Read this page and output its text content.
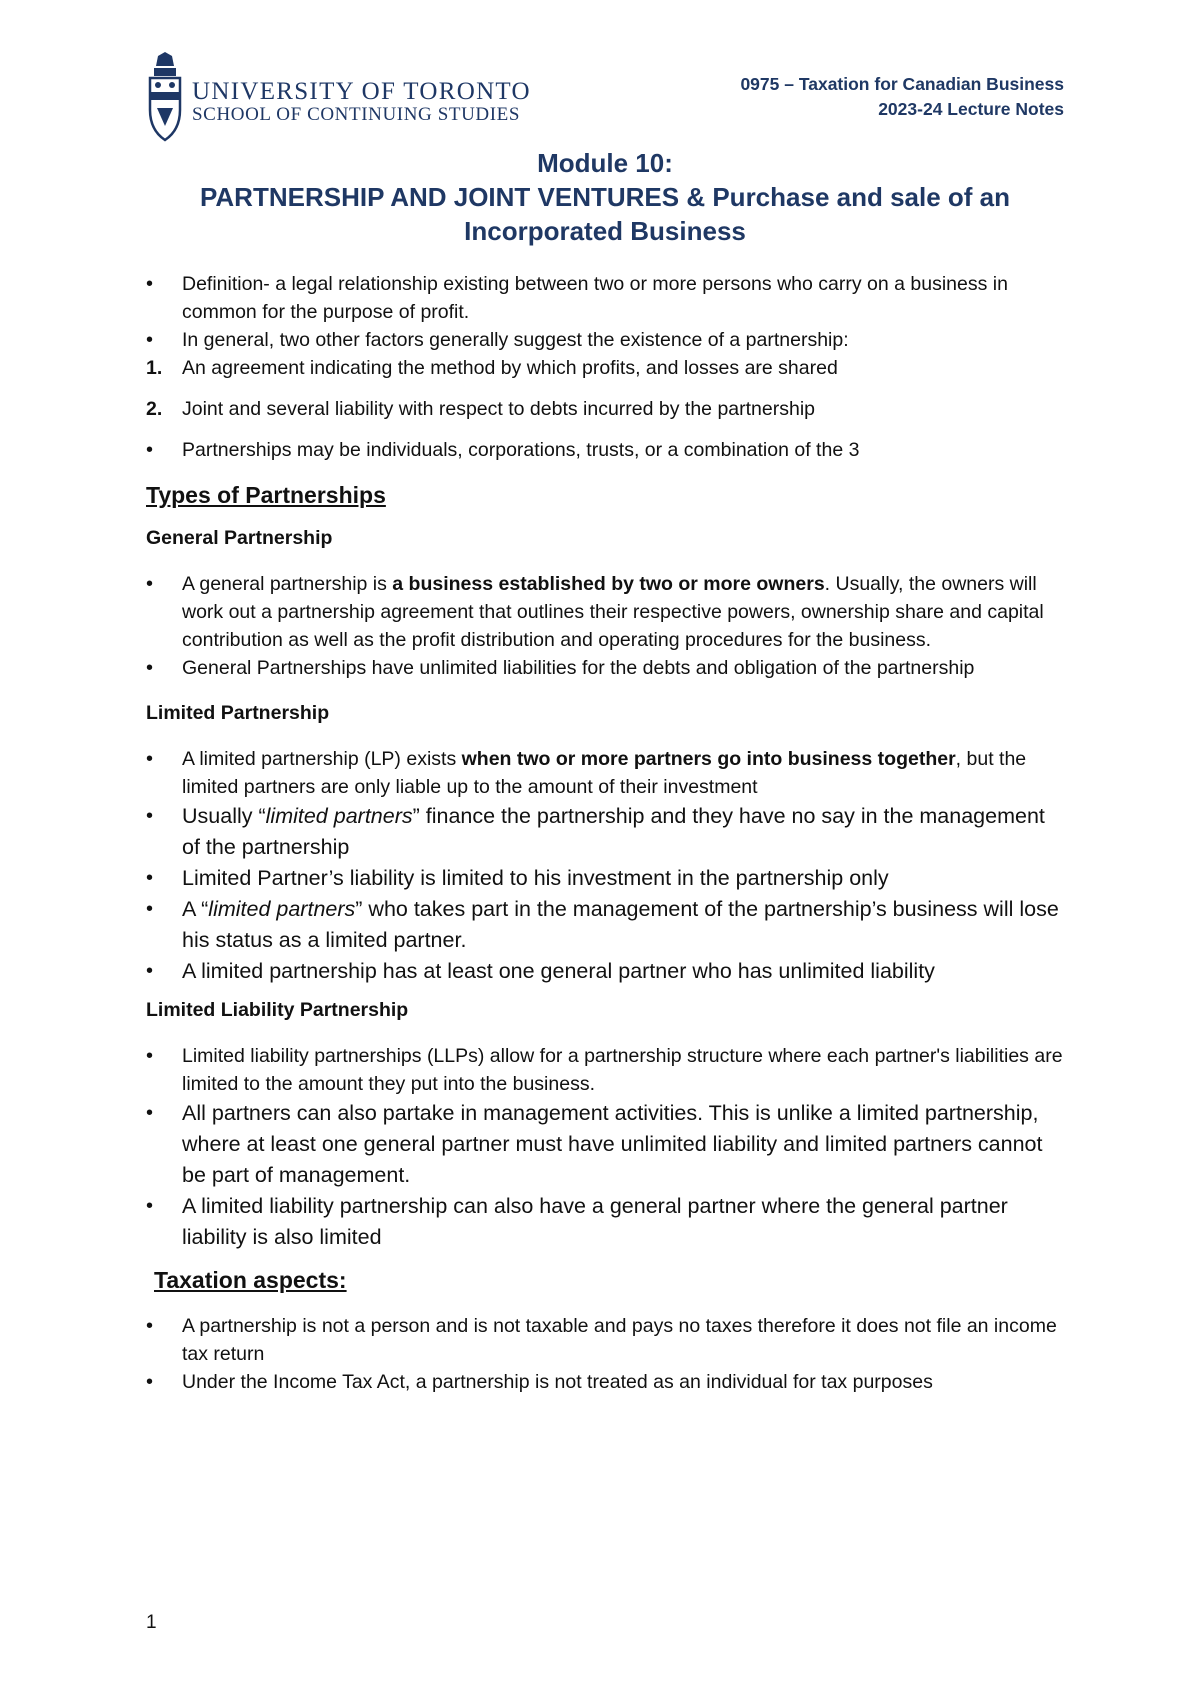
UNIVERSITY OF TORONTO
SCHOOL OF CONTINUING STUDIES
0975 – Taxation for Canadian Business
2023-24 Lecture Notes
Module 10:
PARTNERSHIP AND JOINT VENTURES & Purchase and sale of an
Incorporated Business
• Definition- a legal relationship existing between two or more persons who carry on a business in common for the purpose of profit.
• In general, two other factors generally suggest the existence of a partnership:
1. An agreement indicating the method by which profits, and losses are shared
2. Joint and several liability with respect to debts incurred by the partnership
• Partnerships may be individuals, corporations, trusts, or a combination of the 3
Types of Partnerships
General Partnership
• A general partnership is a business established by two or more owners. Usually, the owners will work out a partnership agreement that outlines their respective powers, ownership share and capital contribution as well as the profit distribution and operating procedures for the business.
• General Partnerships have unlimited liabilities for the debts and obligation of the partnership
Limited Partnership
• A limited partnership (LP) exists when two or more partners go into business together, but the limited partners are only liable up to the amount of their investment
• Usually “limited partners” finance the partnership and they have no say in the management of the partnership
• Limited Partner’s liability is limited to his investment in the partnership only
• A “limited partners” who takes part in the management of the partnership’s business will lose his status as a limited partner.
• A limited partnership has at least one general partner who has unlimited liability
Limited Liability Partnership
• Limited liability partnerships (LLPs) allow for a partnership structure where each partner's liabilities are limited to the amount they put into the business.
• All partners can also partake in management activities. This is unlike a limited partnership, where at least one general partner must have unlimited liability and limited partners cannot be part of management.
• A limited liability partnership can also have a general partner where the general partner liability is also limited
Taxation aspects:
• A partnership is not a person and is not taxable and pays no taxes therefore it does not file an income tax return
• Under the Income Tax Act, a partnership is not treated as an individual for tax purposes
1
